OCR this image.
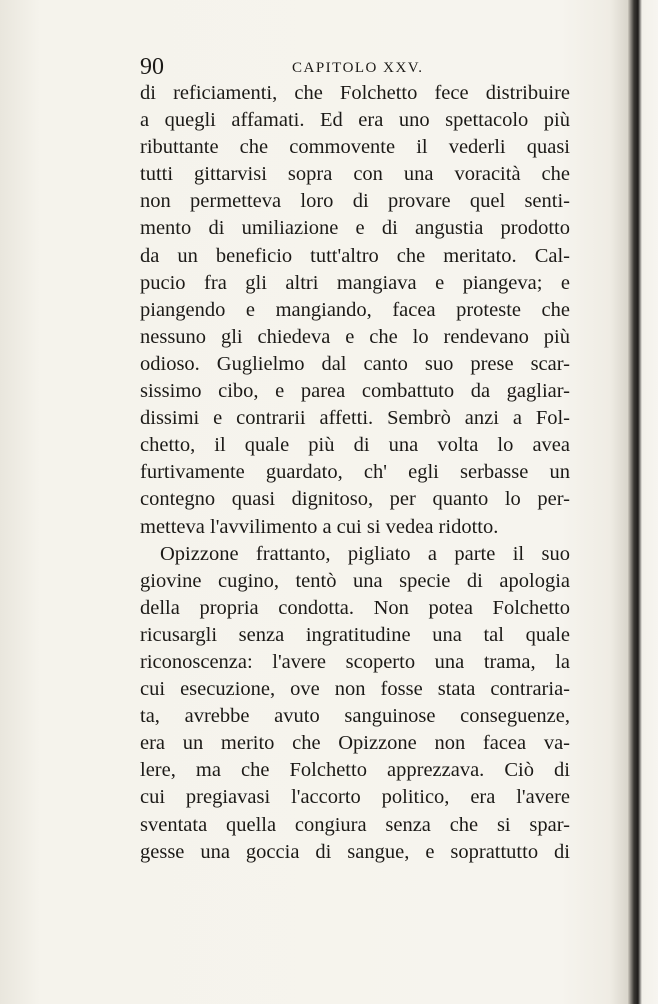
90	CAPITOLO XXV.
di reficiamenti, che Folchetto fece distribuire
a quegli affamati. Ed era uno spettacolo più
ributtante che commovente il vederli quasi
tutti gittarvisi sopra con una voracità che
non permetteva loro di provare quel senti-
mento di umiliazione e di angustia prodotto
da un beneficio tutt'altro che meritato. Cal-
pucio fra gli altri mangiava e piangeva; e
piangendo e mangiando, facea proteste che
nessuno gli chiedeva e che lo rendevano più
odioso. Guglielmo dal canto suo prese scar-
sissimo cibo, e parea combattuto da gagliar-
dissimi e contrarii affetti. Sembrò anzi a Fol-
chetto, il quale più di una volta lo avea
furtivamente guardato, ch' egli serbasse un
contegno quasi dignitoso, per quanto lo per-
metteva l'avvilimento a cui si vedea ridotto.
Opizzone frattanto, pigliato a parte il suo
giovine cugino, tentò una specie di apologia
della propria condotta. Non potea Folchetto
ricusargli senza ingratitudine una tal quale
riconoscenza: l'avere scoperto una trama, la
cui esecuzione, ove non fosse stata contraria-
ta, avrebbe avuto sanguinose conseguenze,
era un merito che Opizzone non facea va-
lere, ma che Folchetto apprezzava. Ciò di
cui pregiavasi l'accorto politico, era l'avere
sventata quella congiura senza che si spar-
gesse una goccia di sangue, e soprattutto di
